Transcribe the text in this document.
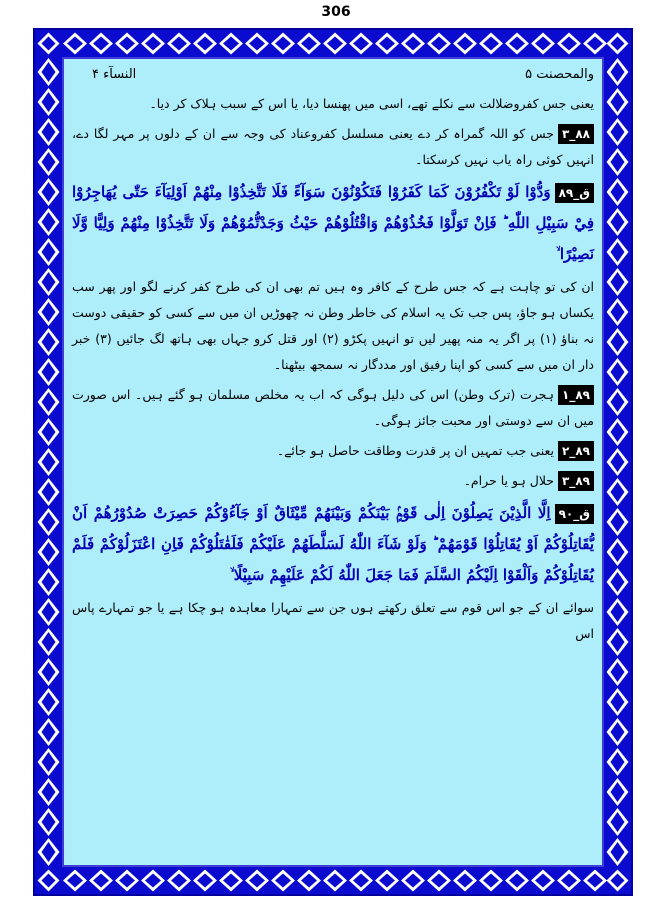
306
والمحصنت ۵
النسآء ۴

یعنی جس کفروضلالت سے نکلے تھے، اسی میں پھنسا دیا، یا اس کے سبب ہلاک کر دیا۔

۳_۸۸جس کو اللہ گمراہ کر دے یعنی مسلسل کفروعناد کی وجہ سے ان کے دلوں پر مہر لگا دے، انہیں کوئی راہ یاب نہیں کرسکتا۔

ق_۸۹وَدُّوْا لَوْ تَكْفُرُوْنَ كَمَا كَفَرُوْا فَتَكُوْنُوْنَ سَوَآءً فَلَا تَتَّخِذُوْا مِنْهُمْ اَوْلِيَآءَ حَتّٰى يُهَاجِرُوْا فِيْ سَبِيْلِ اللّٰهِ ؕ فَاِنْ تَوَلَّوْا فَخُذُوْهُمْ وَاقْتُلُوْهُمْ حَيْثُ وَجَدْتُّمُوْهُمْ وَلَا تَتَّخِذُوْا مِنْهُمْ وَلِيًّا وَّلَا نَصِيْرًا ۙ

ان کی تو چاہت ہے کہ جس طرح کے کافر وہ ہیں تم بھی ان کی طرح کفر کرنے لگو اور پھر سب یکساں ہو جاؤ، پس جب تک یہ اسلام کی خاطر وطن نہ چھوڑیں ان میں سے کسی کو حقیقی دوست نہ بناؤ (۱) پر اگر یہ منہ پھیر لیں تو انہیں پکڑو (۲) اور قتل کرو جہاں بھی ہاتھ لگ جائیں (۳) خبر دار ان میں سے کسی کو اپنا رفیق اور مددگار نہ سمجھ بیٹھنا۔

۱_۸۹ہجرت (ترک وطن) اس کی دلیل ہوگی کہ اب یہ مخلص مسلمان ہو گئے ہیں۔ اس صورت میں ان سے دوستی اور محبت جائز ہوگی۔

۲_۸۹یعنی جب تمہیں ان پر قدرت وطاقت حاصل ہو جائے۔

۳_۸۹حلال ہو یا حرام۔

ق_۹۰اِلَّا الَّذِيْنَ يَصِلُوْنَ اِلٰى قَوْمٍۢ بَيْنَكُمْ وَبَيْنَهُمْ مِّيْثَاقٌ اَوْ جَآءُوْكُمْ حَصِرَتْ صُدُوْرُهُمْ اَنْ يُّقَاتِلُوْكُمْ اَوْ يُقَاتِلُوْا قَوْمَهُمْ ؕ وَلَوْ شَآءَ اللّٰهُ لَسَلَّطَهُمْ عَلَيْكُمْ فَلَقٰتَلُوْكُمْ فَاِنِ اعْتَزَلُوْكُمْ فَلَمْ يُقَاتِلُوْكُمْ وَاَلْقَوْا اِلَيْكُمُ السَّلَمَ فَمَا جَعَلَ اللّٰهُ لَكُمْ عَلَيْهِمْ سَبِيْلًا ۙ

سوائے ان کے جو اس قوم سے تعلق رکھتے ہوں جن سے تمہارا معاہدہ ہو چکا ہے یا جو تمہارے پاس اس
